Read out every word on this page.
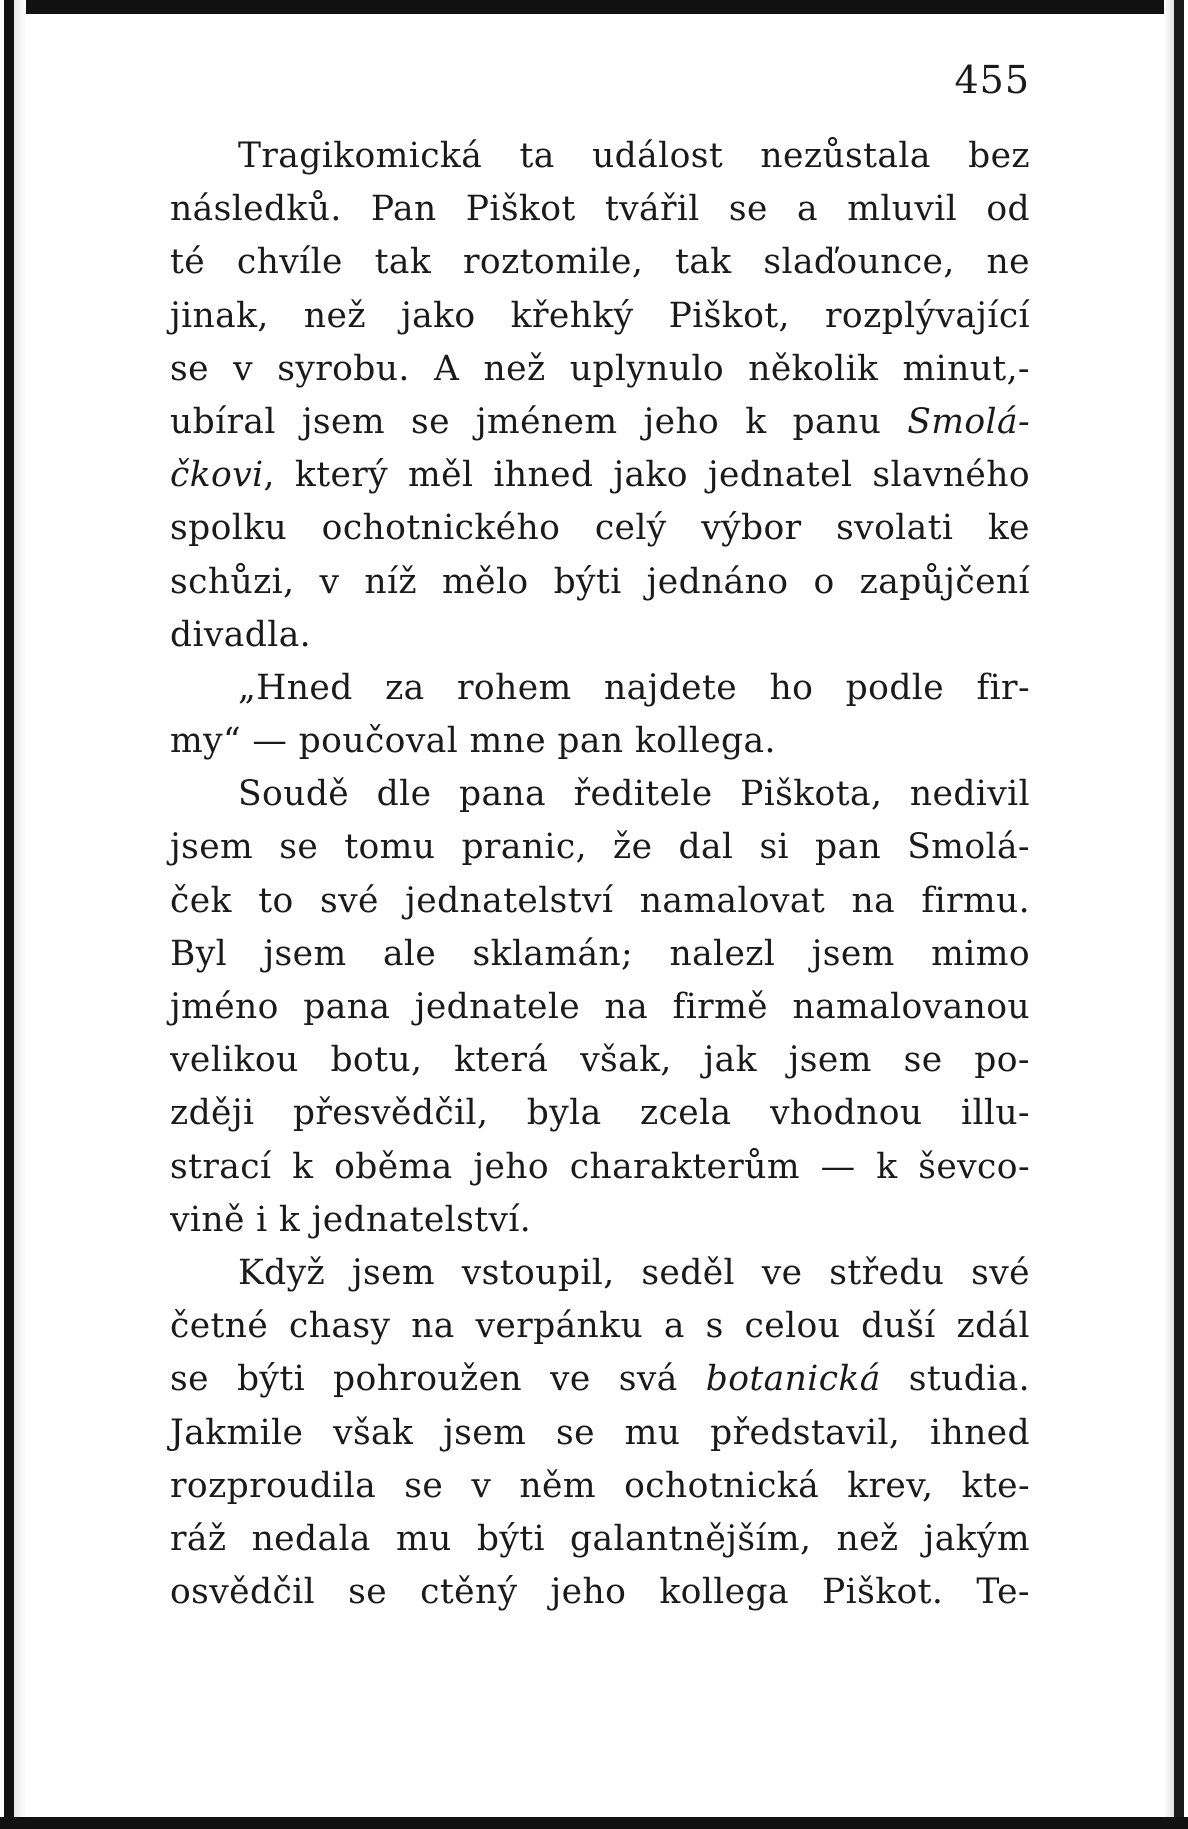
455
Tragikomická ta událost nezůstala bez
následků. Pan Piškot tvářil se a mluvil od
té chvíle tak roztomile, tak slaďounce, ne
jinak, než jako křehký Piškot, rozplývající
se v syrobu. A než uplynulo několik minut,-
ubíral jsem se jménem jeho k panu Smolá-
čkovi, který měl ihned jako jednatel slavného
spolku ochotnického celý výbor svolati ke
schůzi, v níž mělo býti jednáno o zapůjčení
divadla.
„Hned za rohem najdete ho podle fir-
my“ — poučoval mne pan kollega.
Soudě dle pana ředitele Piškota, nedivil
jsem se tomu pranic, že dal si pan Smolá-
ček to své jednatelství namalovat na firmu.
Byl jsem ale sklamán; nalezl jsem mimo
jméno pana jednatele na firmě namalovanou
velikou botu, která však, jak jsem se po-
zději přesvědčil, byla zcela vhodnou illu-
strací k oběma jeho charakterům — k ševco-
vině i k jednatelství.
Když jsem vstoupil, seděl ve středu své
četné chasy na verpánku a s celou duší zdál
se býti pohroužen ve svá botanická studia.
Jakmile však jsem se mu představil, ihned
rozproudila se v něm ochotnická krev, kte-
ráž nedala mu býti galantnějším, než jakým
osvědčil se ctěný jeho kollega Piškot. Te-
